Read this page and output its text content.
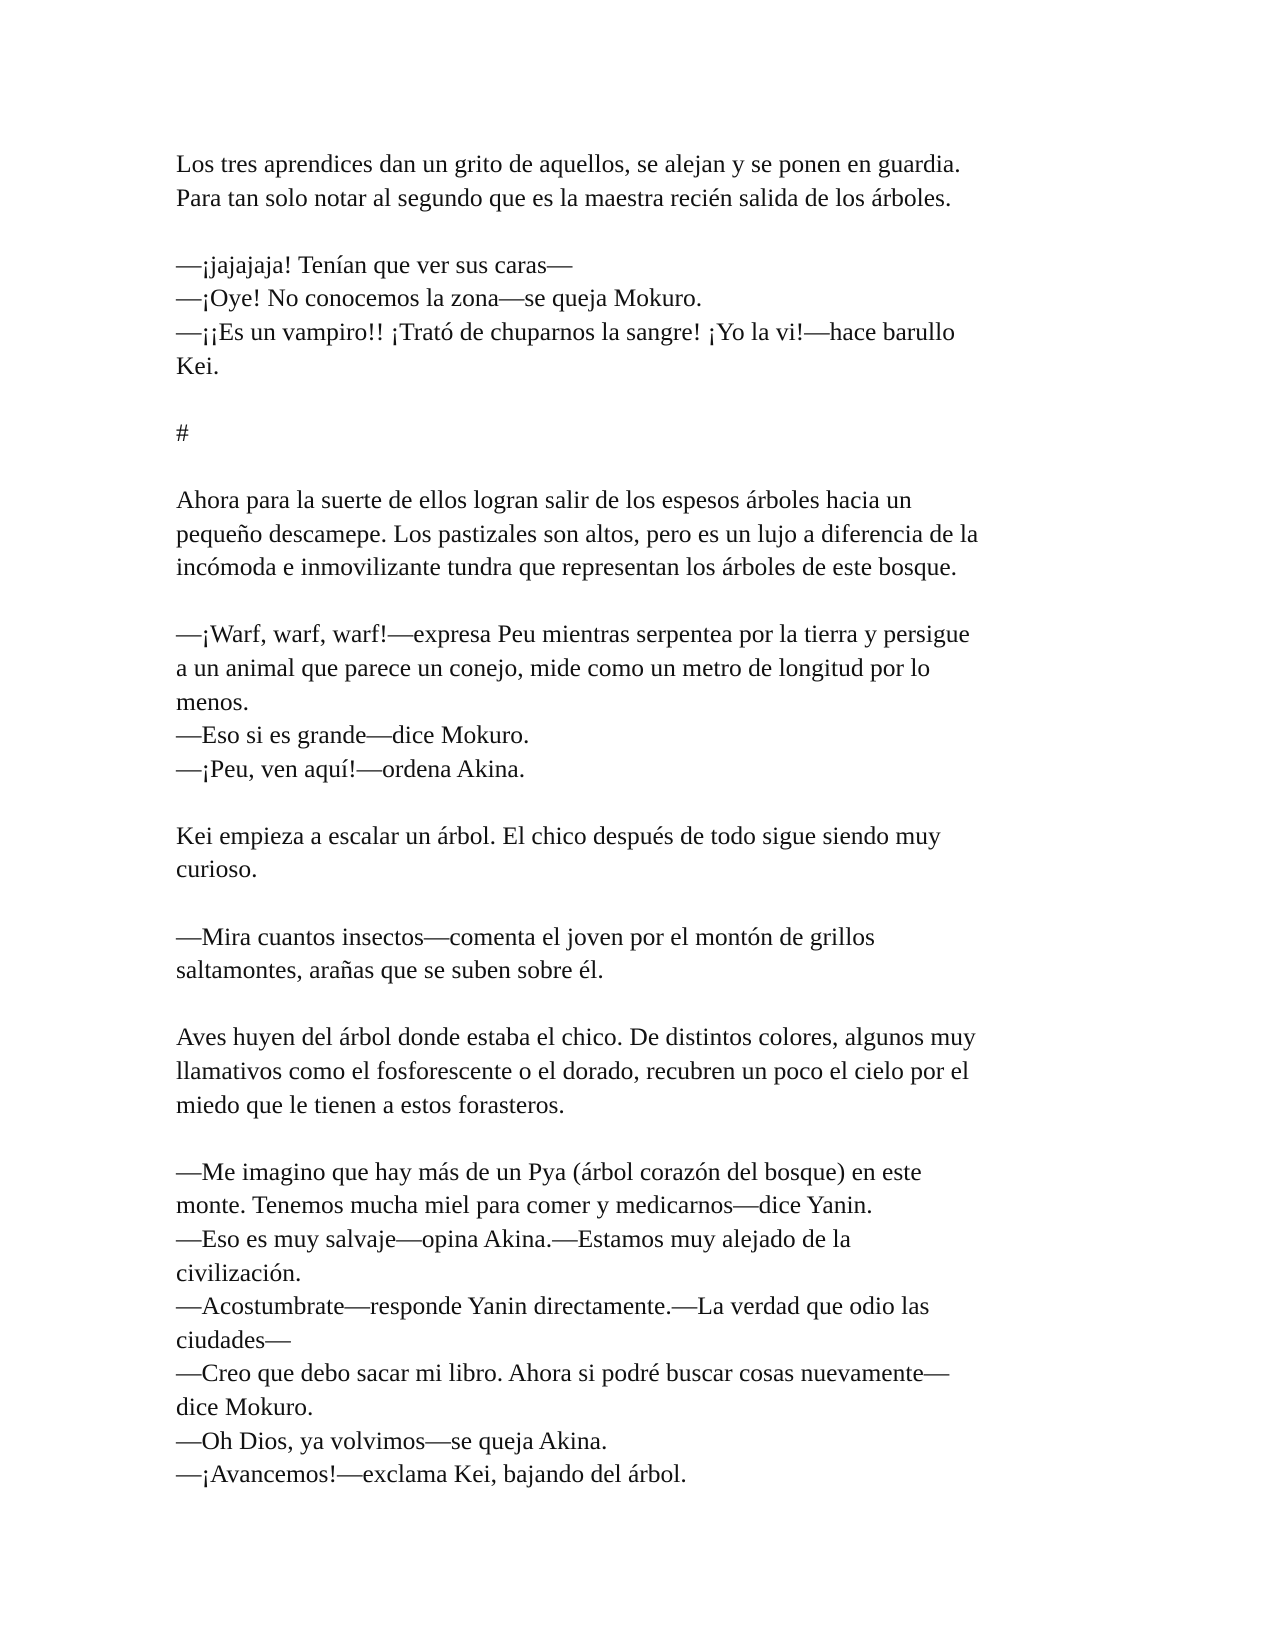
Los tres aprendices dan un grito de aquellos, se alejan y se ponen en guardia.
Para tan solo notar al segundo que es la maestra recién salida de los árboles.
—¡jajajaja! Tenían que ver sus caras—
—¡Oye! No conocemos la zona—se queja Mokuro.
—¡¡Es un vampiro!! ¡Trató de chuparnos la sangre! ¡Yo la vi!—hace barullo
Kei.
#
Ahora para la suerte de ellos logran salir de los espesos árboles hacia un
pequeño descamepe. Los pastizales son altos, pero es un lujo a diferencia de la
incómoda e inmovilizante tundra que representan los árboles de este bosque.
—¡Warf, warf, warf!—expresa Peu mientras serpentea por la tierra y persigue
a un animal que parece un conejo, mide como un metro de longitud por lo
menos.
—Eso si es grande—dice Mokuro.
—¡Peu, ven aquí!—ordena Akina.
Kei empieza a escalar un árbol. El chico después de todo sigue siendo muy
curioso.
—Mira cuantos insectos—comenta el joven por el montón de grillos
saltamontes, arañas que se suben sobre él.
Aves huyen del árbol donde estaba el chico. De distintos colores, algunos muy
llamativos como el fosforescente o el dorado, recubren un poco el cielo por el
miedo que le tienen a estos forasteros.
—Me imagino que hay más de un Pya (árbol corazón del bosque) en este
monte. Tenemos mucha miel para comer y medicarnos—dice Yanin.
—Eso es muy salvaje—opina Akina.—Estamos muy alejado de la
civilización.
—Acostumbrate—responde Yanin directamente.—La verdad que odio las
ciudades—
—Creo que debo sacar mi libro. Ahora si podré buscar cosas nuevamente—
dice Mokuro.
—Oh Dios, ya volvimos—se queja Akina.
—¡Avancemos!—exclama Kei, bajando del árbol.
